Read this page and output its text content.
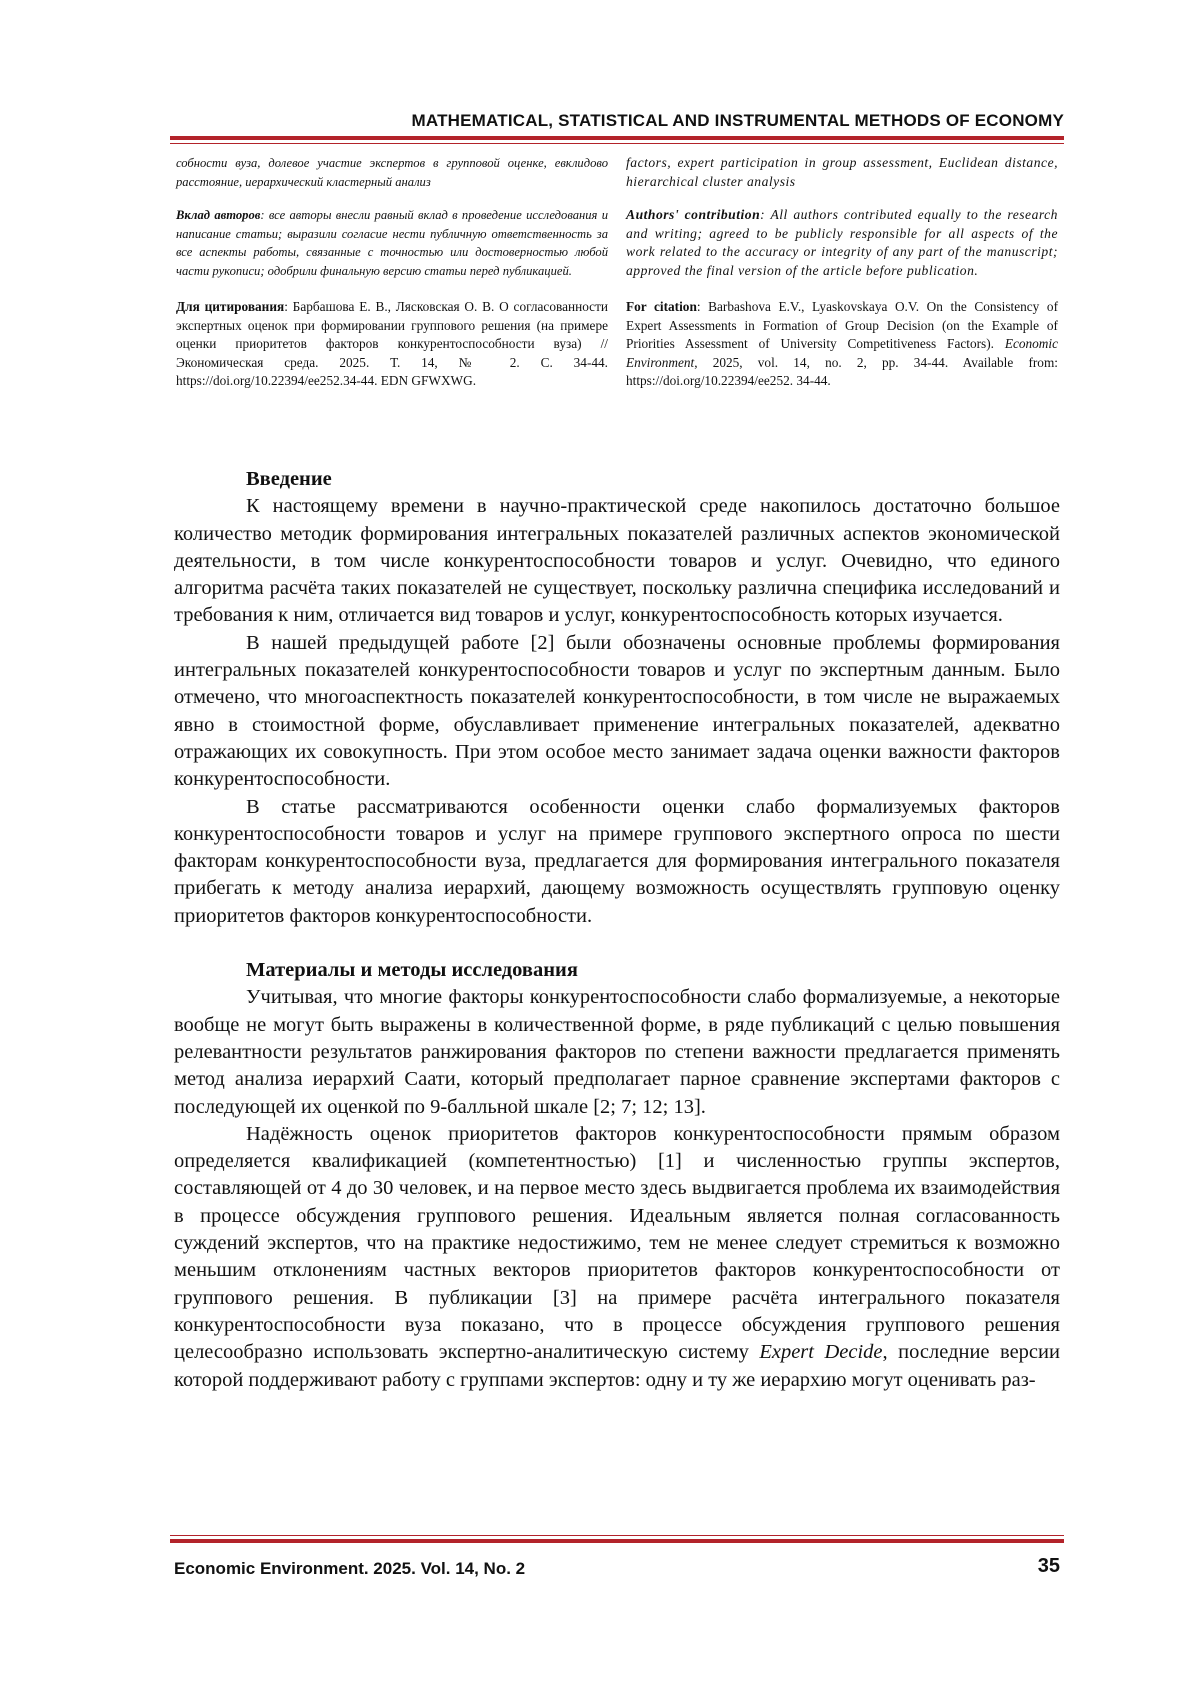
MATHEMATICAL, STATISTICAL AND INSTRUMENTAL METHODS OF ECONOMY
собности вуза, долевое участие экспертов в групповой оценке, евклидово расстояние, иерархический кластерный анализ
Вклад авторов: все авторы внесли равный вклад в проведение исследования и написание статьи; выразили согласие нести публичную ответственность за все аспекты работы, связанные с точностью или достоверностью любой части рукописи; одобрили финальную версию статьи перед публикацией.
Для цитирования: Барбашова Е. В., Лясковская О. В. О согласованности экспертных оценок при формировании группового решения (на примере оценки приоритетов факторов конкурентоспособности вуза) // Экономическая среда. 2025. Т. 14, № 2. С. 34-44. https://doi.org/10.22394/ee252.34-44. EDN GFWXWG.
factors, expert participation in group assessment, Euclidean distance, hierarchical cluster analysis
Authors' contribution: All authors contributed equally to the research and writing; agreed to be publicly responsible for all aspects of the work related to the accuracy or integrity of any part of the manuscript; approved the final version of the article before publication.
For citation: Barbashova E.V., Lyaskovskaya O.V. On the Consistency of Expert Assessments in Formation of Group Decision (on the Example of Priorities Assessment of University Competitiveness Factors). Economic Environment, 2025, vol. 14, no. 2, pp. 34-44. Available from: https://doi.org/10.22394/ee252. 34-44.

Введение

К настоящему времени в научно-практической среде накопилось достаточно большое количество методик формирования интегральных показателей различных аспектов экономической деятельности, в том числе конкурентоспособности товаров и услуг. Очевидно, что единого алгоритма расчёта таких показателей не существует, поскольку различна специфика исследований и требования к ним, отличается вид товаров и услуг, конкурентоспособность которых изучается.

В нашей предыдущей работе [2] были обозначены основные проблемы формирования интегральных показателей конкурентоспособности товаров и услуг по экспертным данным. Было отмечено, что многоаспектность показателей конкурентоспособности, в том числе не выражаемых явно в стоимостной форме, обуславливает применение интегральных показателей, адекватно отражающих их совокупность. При этом особое место занимает задача оценки важности факторов конкурентоспособности.

В статье рассматриваются особенности оценки слабо формализуемых факторов конкурентоспособности товаров и услуг на примере группового экспертного опроса по шести факторам конкурентоспособности вуза, предлагается для формирования интегрального показателя прибегать к методу анализа иерархий, дающему возможность осуществлять групповую оценку приоритетов факторов конкурентоспособности.

Материалы и методы исследования

Учитывая, что многие факторы конкурентоспособности слабо формализуемые, а некоторые вообще не могут быть выражены в количественной форме, в ряде публикаций с целью повышения релевантности результатов ранжирования факторов по степени важности предлагается применять метод анализа иерархий Саати, который предполагает парное сравнение экспертами факторов с последующей их оценкой по 9-балльной шкале [2; 7; 12; 13].

Надёжность оценок приоритетов факторов конкурентоспособности прямым образом определяется квалификацией (компетентностью) [1] и численностью группы экспертов, составляющей от 4 до 30 человек, и на первое место здесь выдвигается проблема их взаимодействия в процессе обсуждения группового решения. Идеальным является полная согласованность суждений экспертов, что на практике недостижимо, тем не менее следует стремиться к возможно меньшим отклонениям частных векторов приоритетов факторов конкурентоспособности от группового решения. В публикации [3] на примере расчёта интегрального показателя конкурентоспособности вуза показано, что в процессе обсуждения группового решения целесообразно использовать экспертно-аналитическую систему Expert Decide, последние версии которой поддерживают работу с группами экспертов: одну и ту же иерархию могут оценивать раз-

Economic Environment. 2025. Vol. 14, No. 2	35
